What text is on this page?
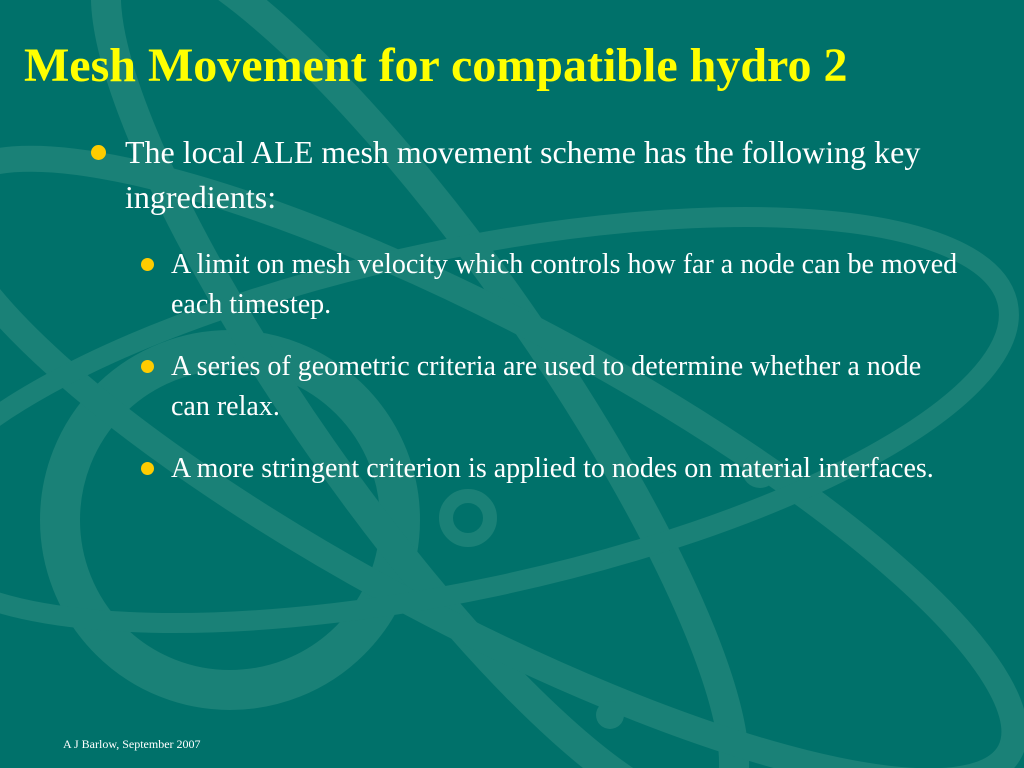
Mesh Movement for compatible hydro 2
The local ALE mesh movement scheme has the following key ingredients:
A limit on mesh velocity which controls how far a node can be moved each timestep.
A series of geometric criteria are used to determine whether a node can relax.
A more stringent criterion is applied to nodes on material interfaces.
A J Barlow, September 2007
